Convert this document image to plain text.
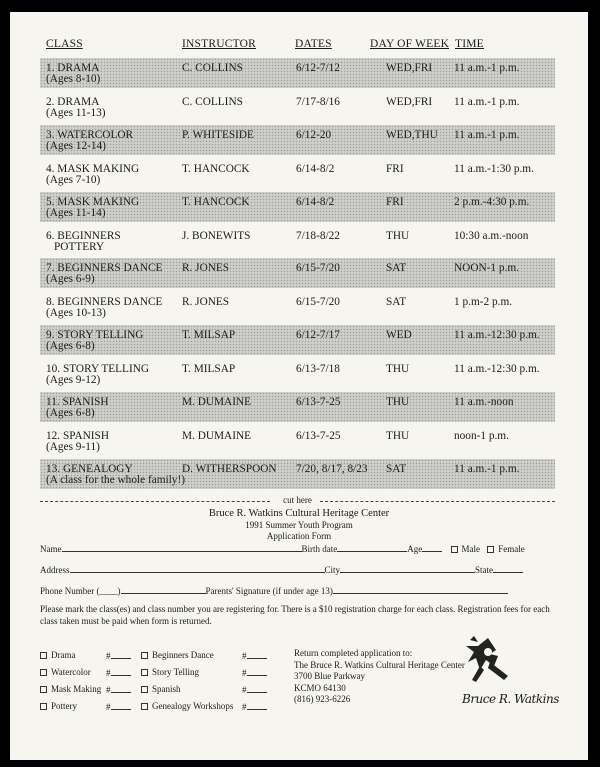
CLASS	INSTRUCTOR	DATES	DAY OF WEEK TIME
1. DRAMA
(Ages 8-10)
C. COLLINS	6/12-7/12	WED,FRI 11 a.m.-1 p.m.
2. DRAMA
(Ages 11-13)
C. COLLINS	7/17-8/16	WED,FRI 11 a.m.-1 p.m.
3. WATERCOLOR
(Ages 12-14)
P. WHITESIDE	6/12-20	WED,THU 11 a.m.-1 p.m.
4. MASK MAKING
(Ages 7-10)
T. HANCOCK	6/14-8/2	FRI	11 a.m.-1:30 p.m.
5. MASK MAKING
(Ages 11-14)
T. HANCOCK	6/14-8/2	FRI	2 p.m.-4:30 p.m.
6. BEGINNERS
POTTERY
J. BONEWITS	7/18-8/22	THU	10:30 a.m.-noon
7. BEGINNERS DANCE
(Ages 6-9)
R. JONES	6/15-7/20	SAT	NOON-1 p.m.
8. BEGINNERS DANCE
(Ages 10-13)
R. JONES	6/15-7/20	SAT	1 p.m-2 p.m.
9. STORY TELLING
(Ages 6-8)
T. MILSAP	6/12-7/17	WED	11 a.m.-12:30 p.m.
10. STORY TELLING
(Ages 9-12)
T. MILSAP	6/13-7/18	THU	11 a.m.-12:30 p.m.
11. SPANISH
(Ages 6-8)
M. DUMAINE	6/13-7-25	THU	11 a.m.-noon
12. SPANISH
(Ages 9-11)
M. DUMAINE	6/13-7-25	THU	noon-1 p.m.
13. GENEALOGY
(A class for the whole family!)
D. WITHERSPOON 7/20, 8/17, 8/23 SAT	11 a.m.-1 p.m.
cut here
Bruce R. Watkins Cultural Heritage Center
1991 Summer Youth Program
Application Form
Name	Birth date	Age	Male Female
Address	City	State
Phone Number (____)	Parents' Signature (if under age 13)
Please mark the class(es) and class number you are registering for. There is a $10 registration charge for each class. Registration fees for each class taken must be paid when form is returned.
Drama	#
Watercolor #
Mask Making #
Pottery	#
Beginners Dance	#
Story Telling	#
Spanish	#
Genealogy Workshops #
Return completed application to:
The Bruce R. Watkins Cultural Heritage Center
3700 Blue Parkway
KCMO 64130
(816) 923-6226	Bruce R. Watkins
